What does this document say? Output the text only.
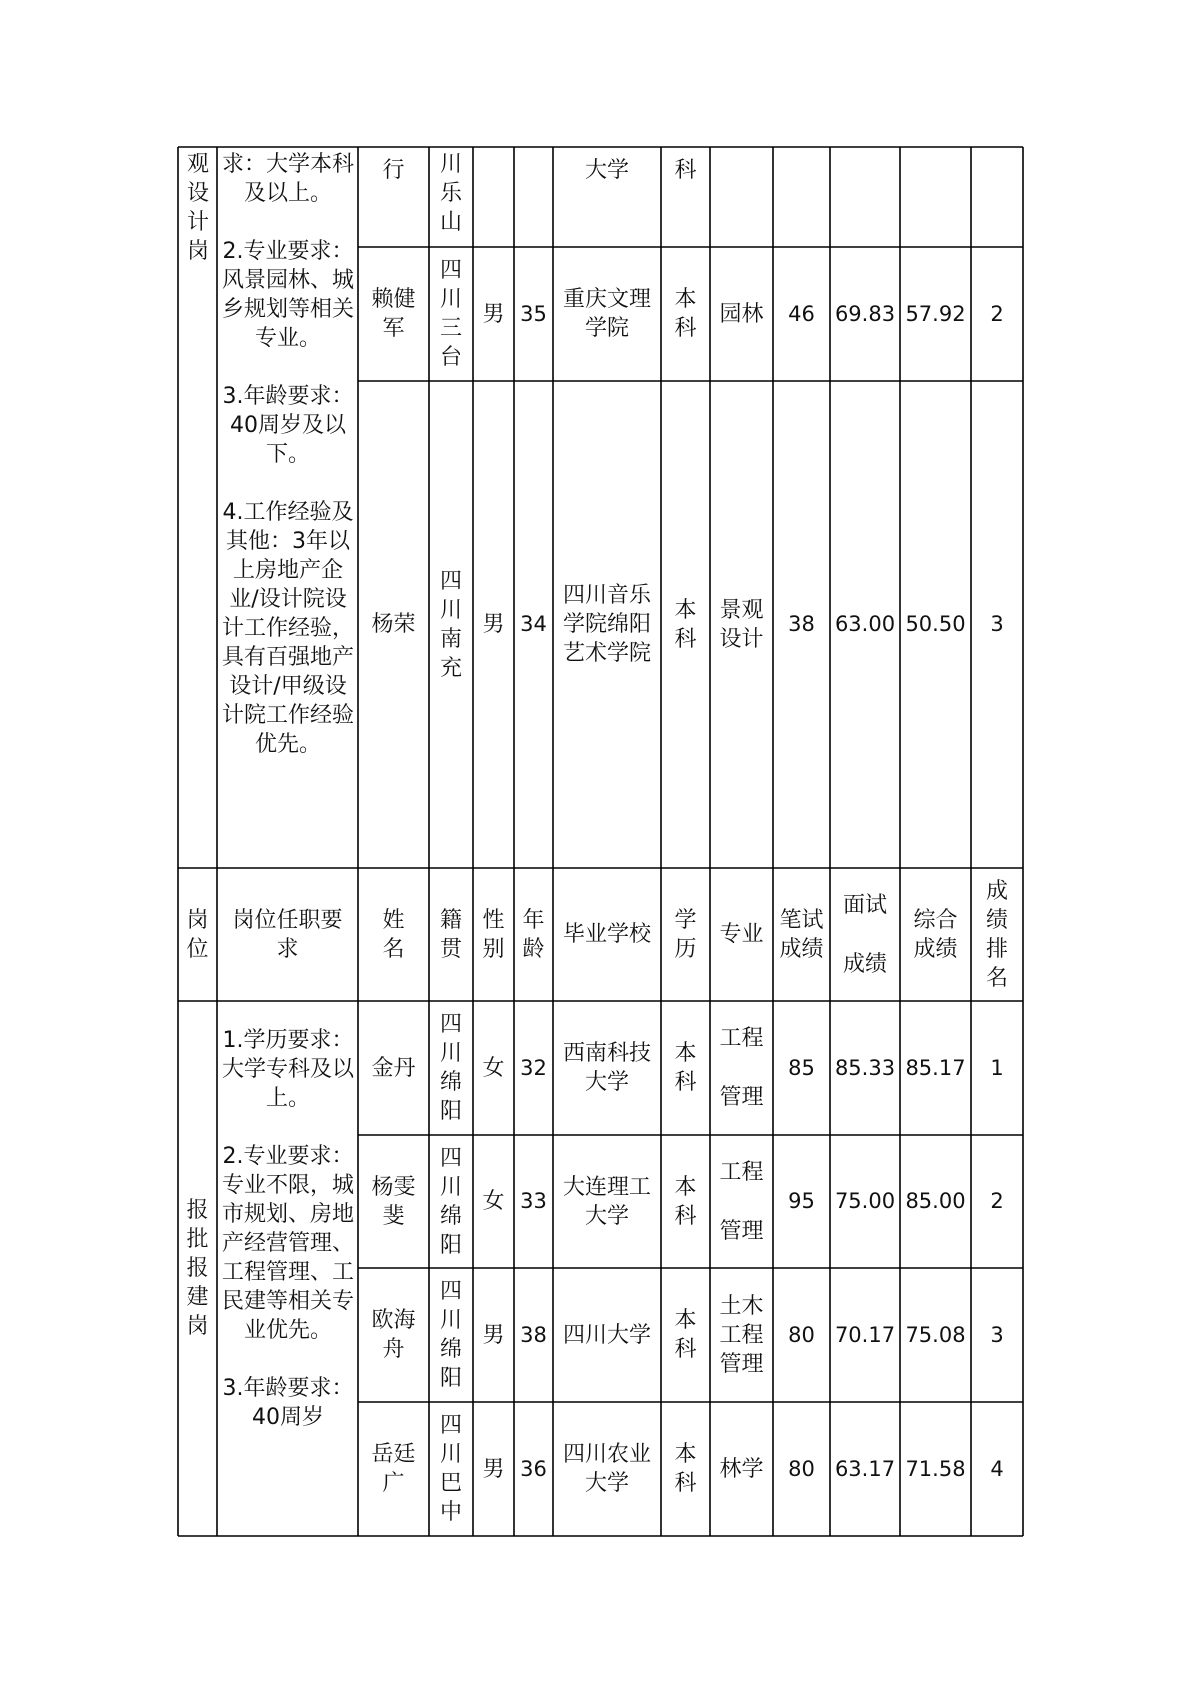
观设计岗

求：大学本科及以上。

2.专业要求：风景园林、城乡规划等相关专业。

3.年龄要求：40周岁及以下。

4.工作经验及其他：3年以上房地产企业/设计院设计工作经验，具有百强地产设计/甲级设计院工作经验优先。

行 川乐山
大学 科
赖健军
四川三台
男 35
重庆文理学院
本科
园林 46 69.83 57.92 2
杨荣
四川南充
男 34
四川音乐学院绵阳艺术学院
本科
景观设计
38 63.00 50.50 3
岗位
岗位任职要求
姓名
籍贯
性别
年龄
毕业学校
学历
专业
笔试成绩
面试
成绩
综合成绩
成绩排名
报批报建岗

1.学历要求：大学专科及以上。

2.专业要求：专业不限，城市规划、房地产经营管理、工程管理、工民建等相关专业优先。

3.年龄要求：40周岁

金丹
四川绵阳
女 32
西南科技大学
本科
工程
管理
85 85.33 85.17 1
杨雯斐
四川绵阳
女 33
大连理工大学
本科
工程
管理
95 75.00 85.00 2
欧海舟
四川绵阳
男 38 四川大学
本科
土木工程管理
80 70.17 75.08 3
岳廷广
四川巴中
男 36
四川农业大学
本科
林学 80 63.17 71.58 4
